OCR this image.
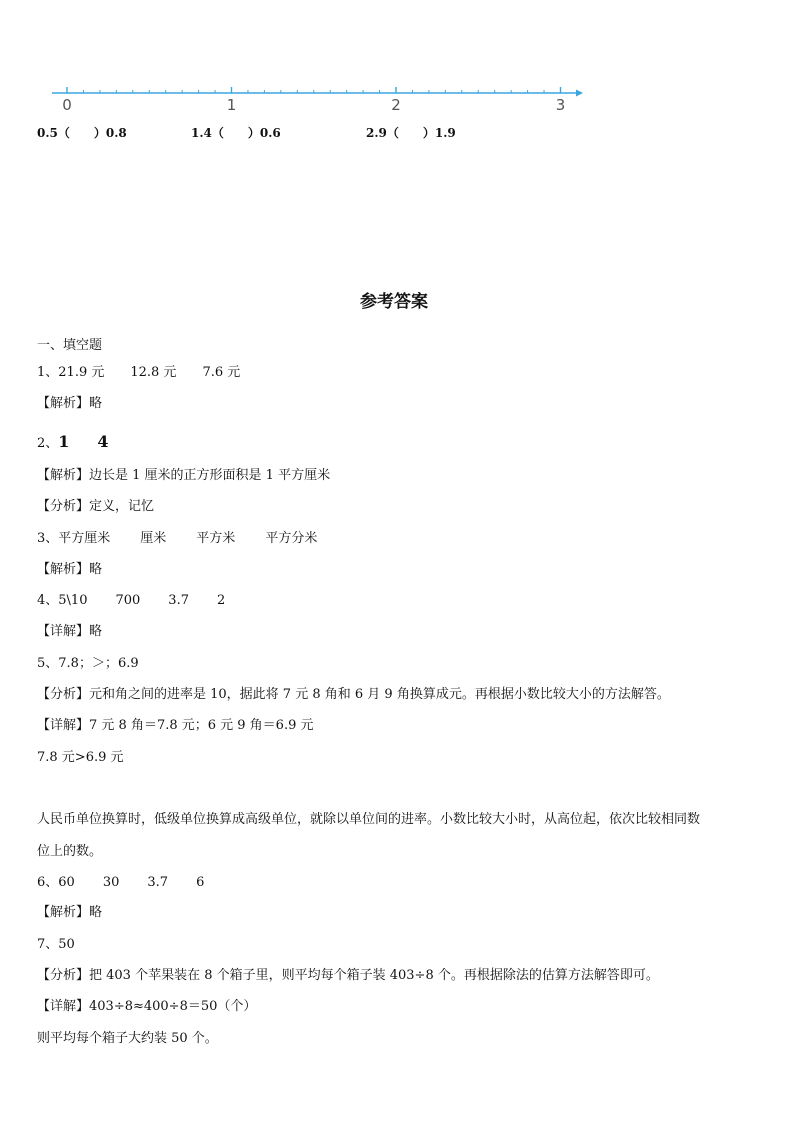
0	1	2	3
0.5（　　 ）0.8	1.4（　　 ）0.6	2.9（　　 ）1.9
参考答案
一、填空题
1、21.9 元 12.8 元 7.6 元
【解析】略
2、1 4
【解析】边长是 1 厘米的正方形面积是 1 平方厘米
【分析】定义，记忆
3、平方厘米 厘米 平方米 平方分米
【解析】略
4、5\10 700 3.7 2
【详解】略
5、7.8；＞；6.9
【分析】元和角之间的进率是 10，据此将 7 元 8 角和 6 月 9 角换算成元。再根据小数比较大小的方法解答。
【详解】7 元 8 角＝7.8 元；6 元 9 角＝6.9 元
7.8 元>6.9 元
人民币单位换算时，低级单位换算成高级单位，就除以单位间的进率。小数比较大小时，从高位起，依次比较相同数
位上的数。
6、60 30 3.7 6
【解析】略
7、50
【分析】把 403 个苹果装在 8 个箱子里，则平均每个箱子装 403÷8 个。再根据除法的估算方法解答即可。
【详解】403÷8≈400÷8＝50（个）
则平均每个箱子大约装 50 个。
